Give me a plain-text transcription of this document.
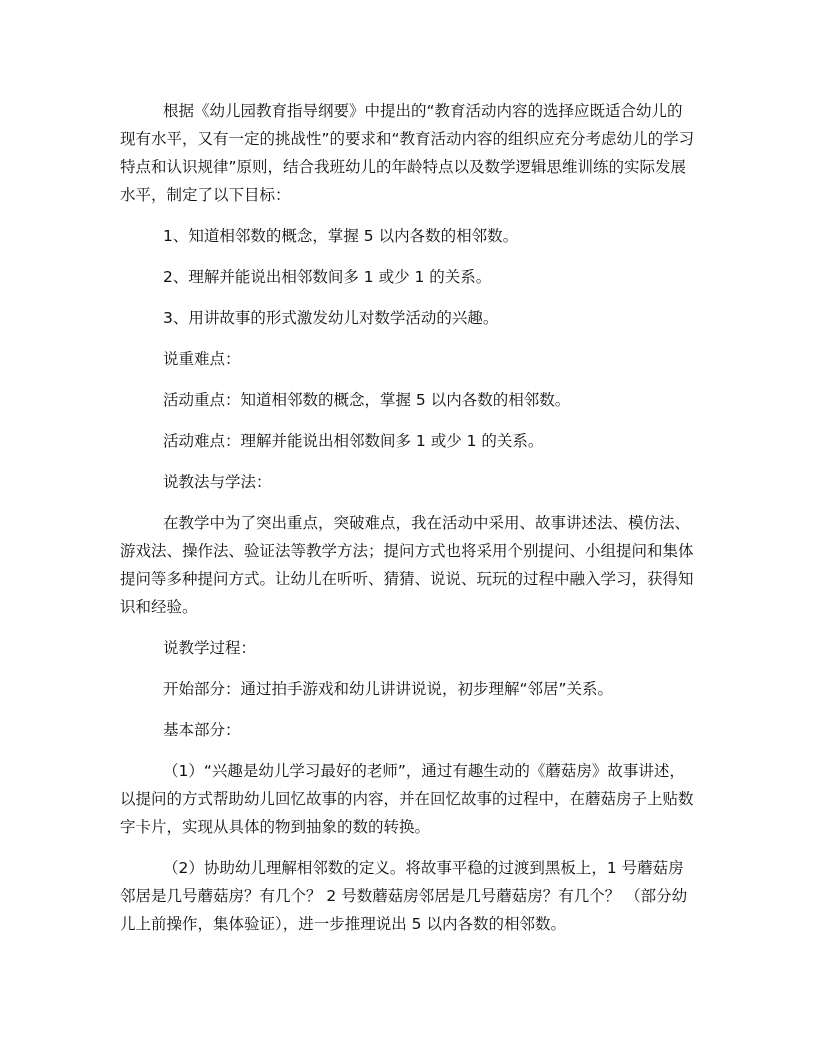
根据《幼儿园教育指导纲要》中提出的“教育活动内容的选择应既适合幼儿的现有水平，又有一定的挑战性”的要求和“教育活动内容的组织应充分考虑幼儿的学习特点和认识规律”原则，结合我班幼儿的年龄特点以及数学逻辑思维训练的实际发展水平，制定了以下目标：

1、知道相邻数的概念，掌握 5 以内各数的相邻数。

2、理解并能说出相邻数间多 1 或少 1 的关系。

3、用讲故事的形式激发幼儿对数学活动的兴趣。

说重难点：

活动重点：知道相邻数的概念，掌握 5 以内各数的相邻数。

活动难点：理解并能说出相邻数间多 1 或少 1 的关系。

说教法与学法：

在教学中为了突出重点，突破难点，我在活动中采用、故事讲述法、模仿法、游戏法、操作法、验证法等教学方法；提问方式也将采用个别提问、小组提问和集体提问等多种提问方式。让幼儿在听听、猜猜、说说、玩玩的过程中融入学习，获得知识和经验。

说教学过程：

开始部分：通过拍手游戏和幼儿讲讲说说，初步理解“邻居”关系。

基本部分：

（1）“兴趣是幼儿学习最好的老师”，通过有趣生动的《蘑菇房》故事讲述，以提问的方式帮助幼儿回忆故事的内容，并在回忆故事的过程中，在蘑菇房子上贴数字卡片，实现从具体的物到抽象的数的转换。

（2）协助幼儿理解相邻数的定义。将故事平稳的过渡到黑板上，1 号蘑菇房邻居是几号蘑菇房？有几个？ 2 号数蘑菇房邻居是几号蘑菇房？有几个？ （部分幼儿上前操作，集体验证），进一步推理说出 5 以内各数的相邻数。
